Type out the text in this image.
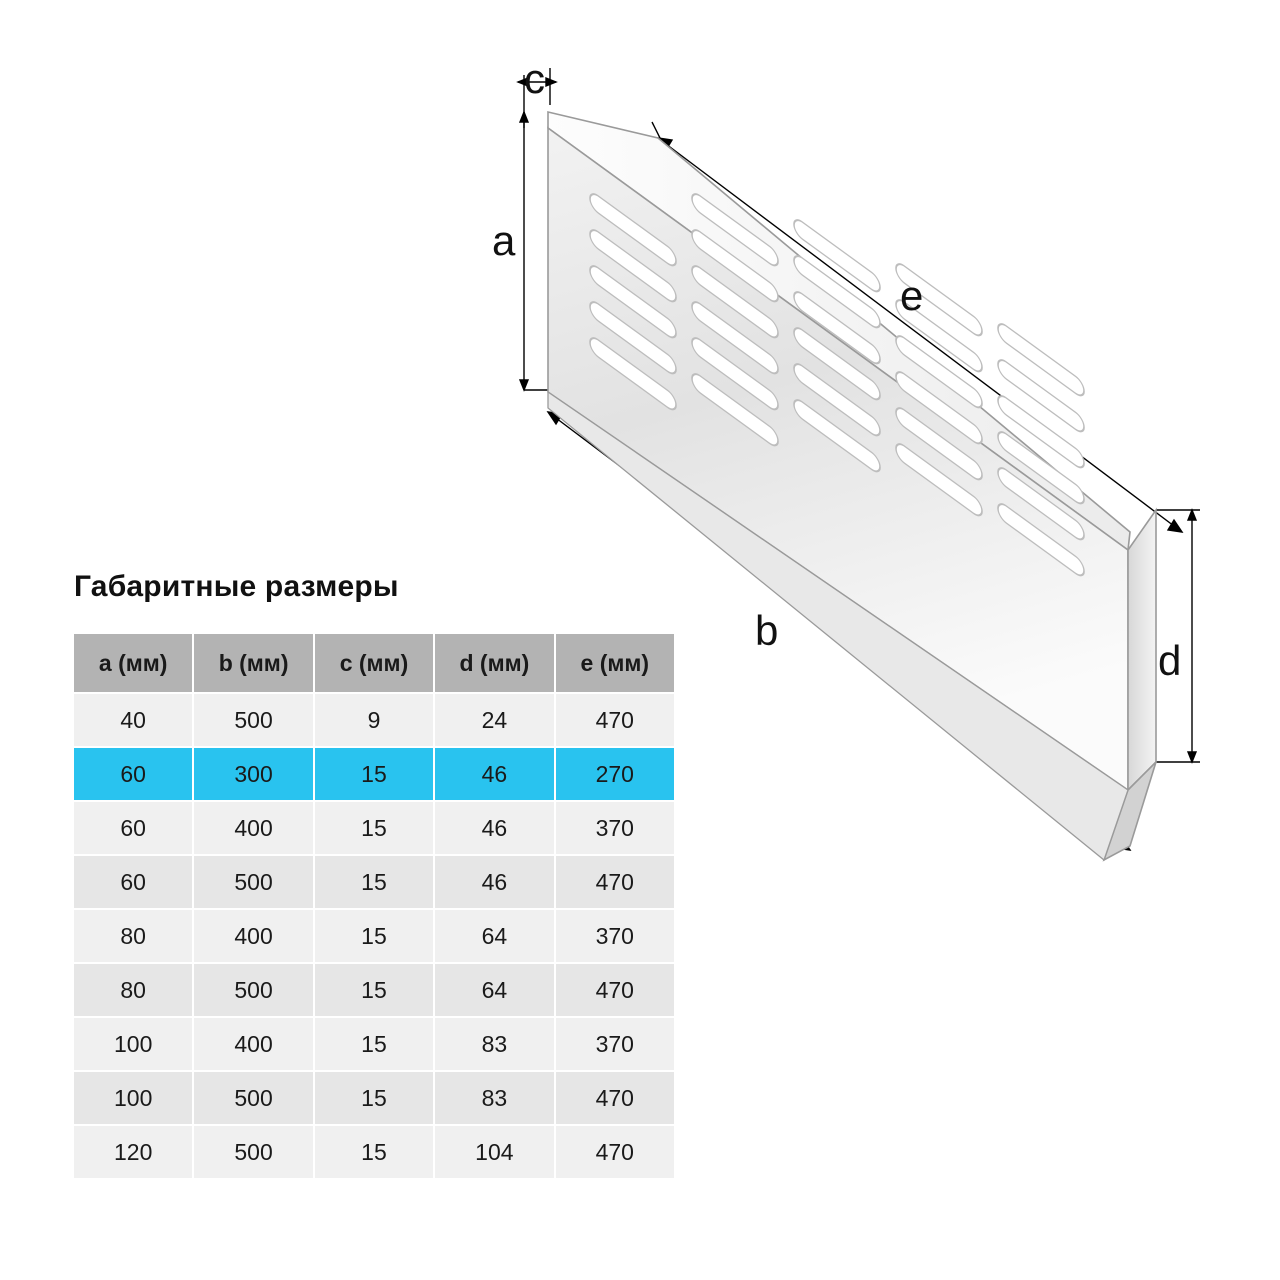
c
a
e
b
d
Габаритные размеры
a (мм)	b (мм)	c (мм)	d (мм)	e (мм)
40	500	9	24	470
60	300	15	46	270
60	400	15	46	370
60	500	15	46	470
80	400	15	64	370
80	500	15	64	470
100	400	15	83	370
100	500	15	83	470
120	500	15	104	470
